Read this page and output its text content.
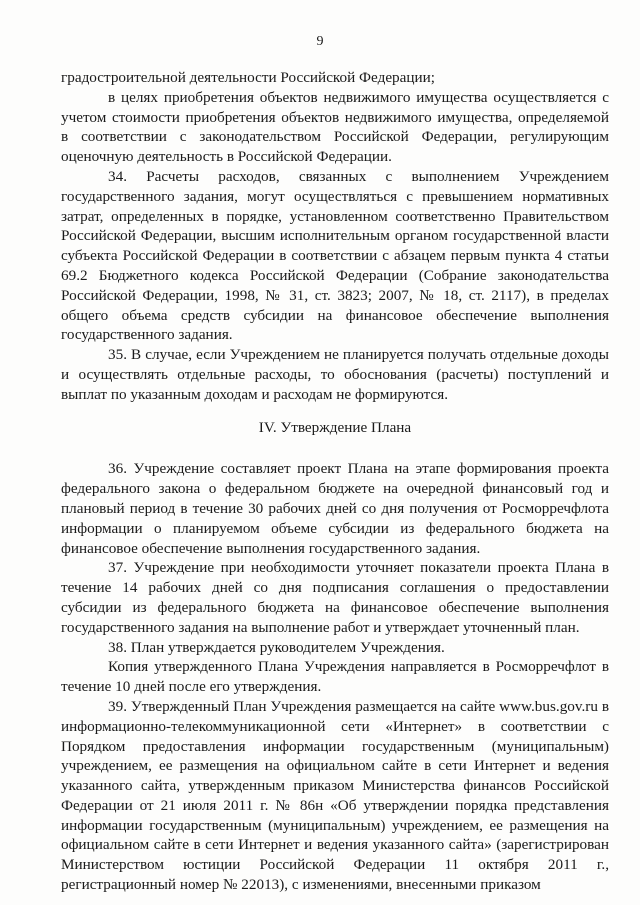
9

градостроительной деятельности Российской Федерации;

в целях приобретения объектов недвижимого имущества осуществляется с учетом стоимости приобретения объектов недвижимого имущества, определяемой в соответствии с законодательством Российской Федерации, регулирующим оценочную деятельность в Российской Федерации.

34. Расчеты расходов, связанных с выполнением Учреждением государственного задания, могут осуществляться с превышением нормативных затрат, определенных в порядке, установленном соответственно Правительством Российской Федерации, высшим исполнительным органом государственной власти субъекта Российской Федерации в соответствии с абзацем первым пункта 4 статьи 69.2 Бюджетного кодекса Российской Федерации (Собрание законодательства Российской Федерации, 1998, № 31, ст. 3823; 2007, № 18, ст. 2117), в пределах общего объема средств субсидии на финансовое обеспечение выполнения государственного задания.

35. В случае, если Учреждением не планируется получать отдельные доходы и осуществлять отдельные расходы, то обоснования (расчеты) поступлений и выплат по указанным доходам и расходам не формируются.

IV. Утверждение Плана

36. Учреждение составляет проект Плана на этапе формирования проекта федерального закона о федеральном бюджете на очередной финансовый год и плановый период в течение 30 рабочих дней со дня получения от Росморречфлота информации о планируемом объеме субсидии из федерального бюджета на финансовое обеспечение выполнения государственного задания.

37. Учреждение при необходимости уточняет показатели проекта Плана в течение 14 рабочих дней со дня подписания соглашения о предоставлении субсидии из федерального бюджета на финансовое обеспечение выполнения государственного задания на выполнение работ и утверждает уточненный план.

38. План утверждается руководителем Учреждения.

Копия утвержденного Плана Учреждения направляется в Росморречфлот в течение 10 дней после его утверждения.

39. Утвержденный План Учреждения размещается на сайте www.bus.gov.ru в информационно-телекоммуникационной сети «Интернет» в соответствии с Порядком предоставления информации государственным (муниципальным) учреждением, ее размещения на официальном сайте в сети Интернет и ведения указанного сайта, утвержденным приказом Министерства финансов Российской Федерации от 21 июля 2011 г. № 86н «Об утверждении порядка представления информации государственным (муниципальным) учреждением, ее размещения на официальном сайте в сети Интернет и ведения указанного сайта» (зарегистрирован Министерством юстиции Российской Федерации 11 октября 2011 г., регистрационный номер № 22013), с изменениями, внесенными приказом
